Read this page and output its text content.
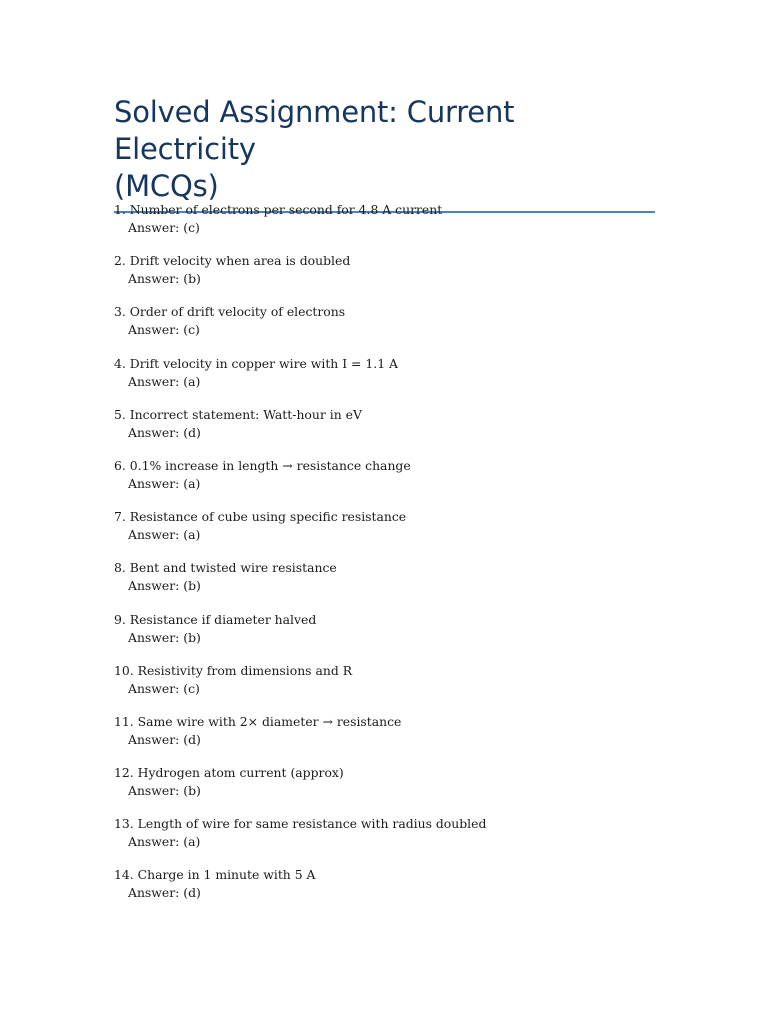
Solved Assignment: Current Electricity
(MCQs)
1. Number of electrons per second for 4.8 A current
Answer: (c)
2. Drift velocity when area is doubled
Answer: (b)
3. Order of drift velocity of electrons
Answer: (c)
4. Drift velocity in copper wire with I = 1.1 A
Answer: (a)
5. Incorrect statement: Watt-hour in eV
Answer: (d)
6. 0.1% increase in length → resistance change
Answer: (a)
7. Resistance of cube using specific resistance
Answer: (a)
8. Bent and twisted wire resistance
Answer: (b)
9. Resistance if diameter halved
Answer: (b)
10. Resistivity from dimensions and R
Answer: (c)
11. Same wire with 2× diameter → resistance
Answer: (d)
12. Hydrogen atom current (approx)
Answer: (b)
13. Length of wire for same resistance with radius doubled
Answer: (a)
14. Charge in 1 minute with 5 A
Answer: (d)
